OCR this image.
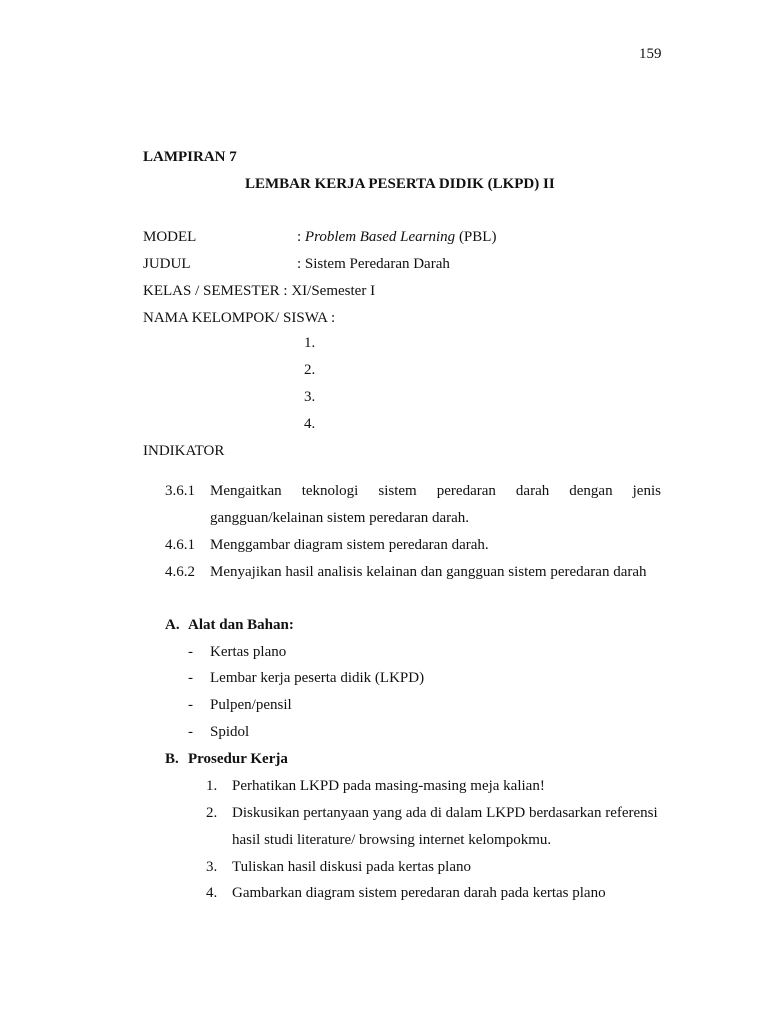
159
LAMPIRAN 7
LEMBAR KERJA PESERTA DIDIK (LKPD) II
MODEL	: Problem Based Learning (PBL)
JUDUL	: Sistem Peredaran Darah
KELAS / SEMESTER : XI/Semester I
NAMA KELOMPOK/ SISWA :
1.
2.
3.
4.
INDIKATOR
3.6.1 Mengaitkan teknologi sistem peredaran darah dengan jenis
gangguan/kelainan sistem peredaran darah.
4.6.1 Menggambar diagram sistem peredaran darah.
4.6.2 Menyajikan hasil analisis kelainan dan gangguan sistem peredaran darah
A. Alat dan Bahan:
- Kertas plano
- Lembar kerja peserta didik (LKPD)
- Pulpen/pensil
- Spidol
B. Prosedur Kerja
1. Perhatikan LKPD pada masing-masing meja kalian!
2. Diskusikan pertanyaan yang ada di dalam LKPD berdasarkan referensi
hasil studi literature/ browsing internet kelompokmu.
3. Tuliskan hasil diskusi pada kertas plano
4. Gambarkan diagram sistem peredaran darah pada kertas plano
